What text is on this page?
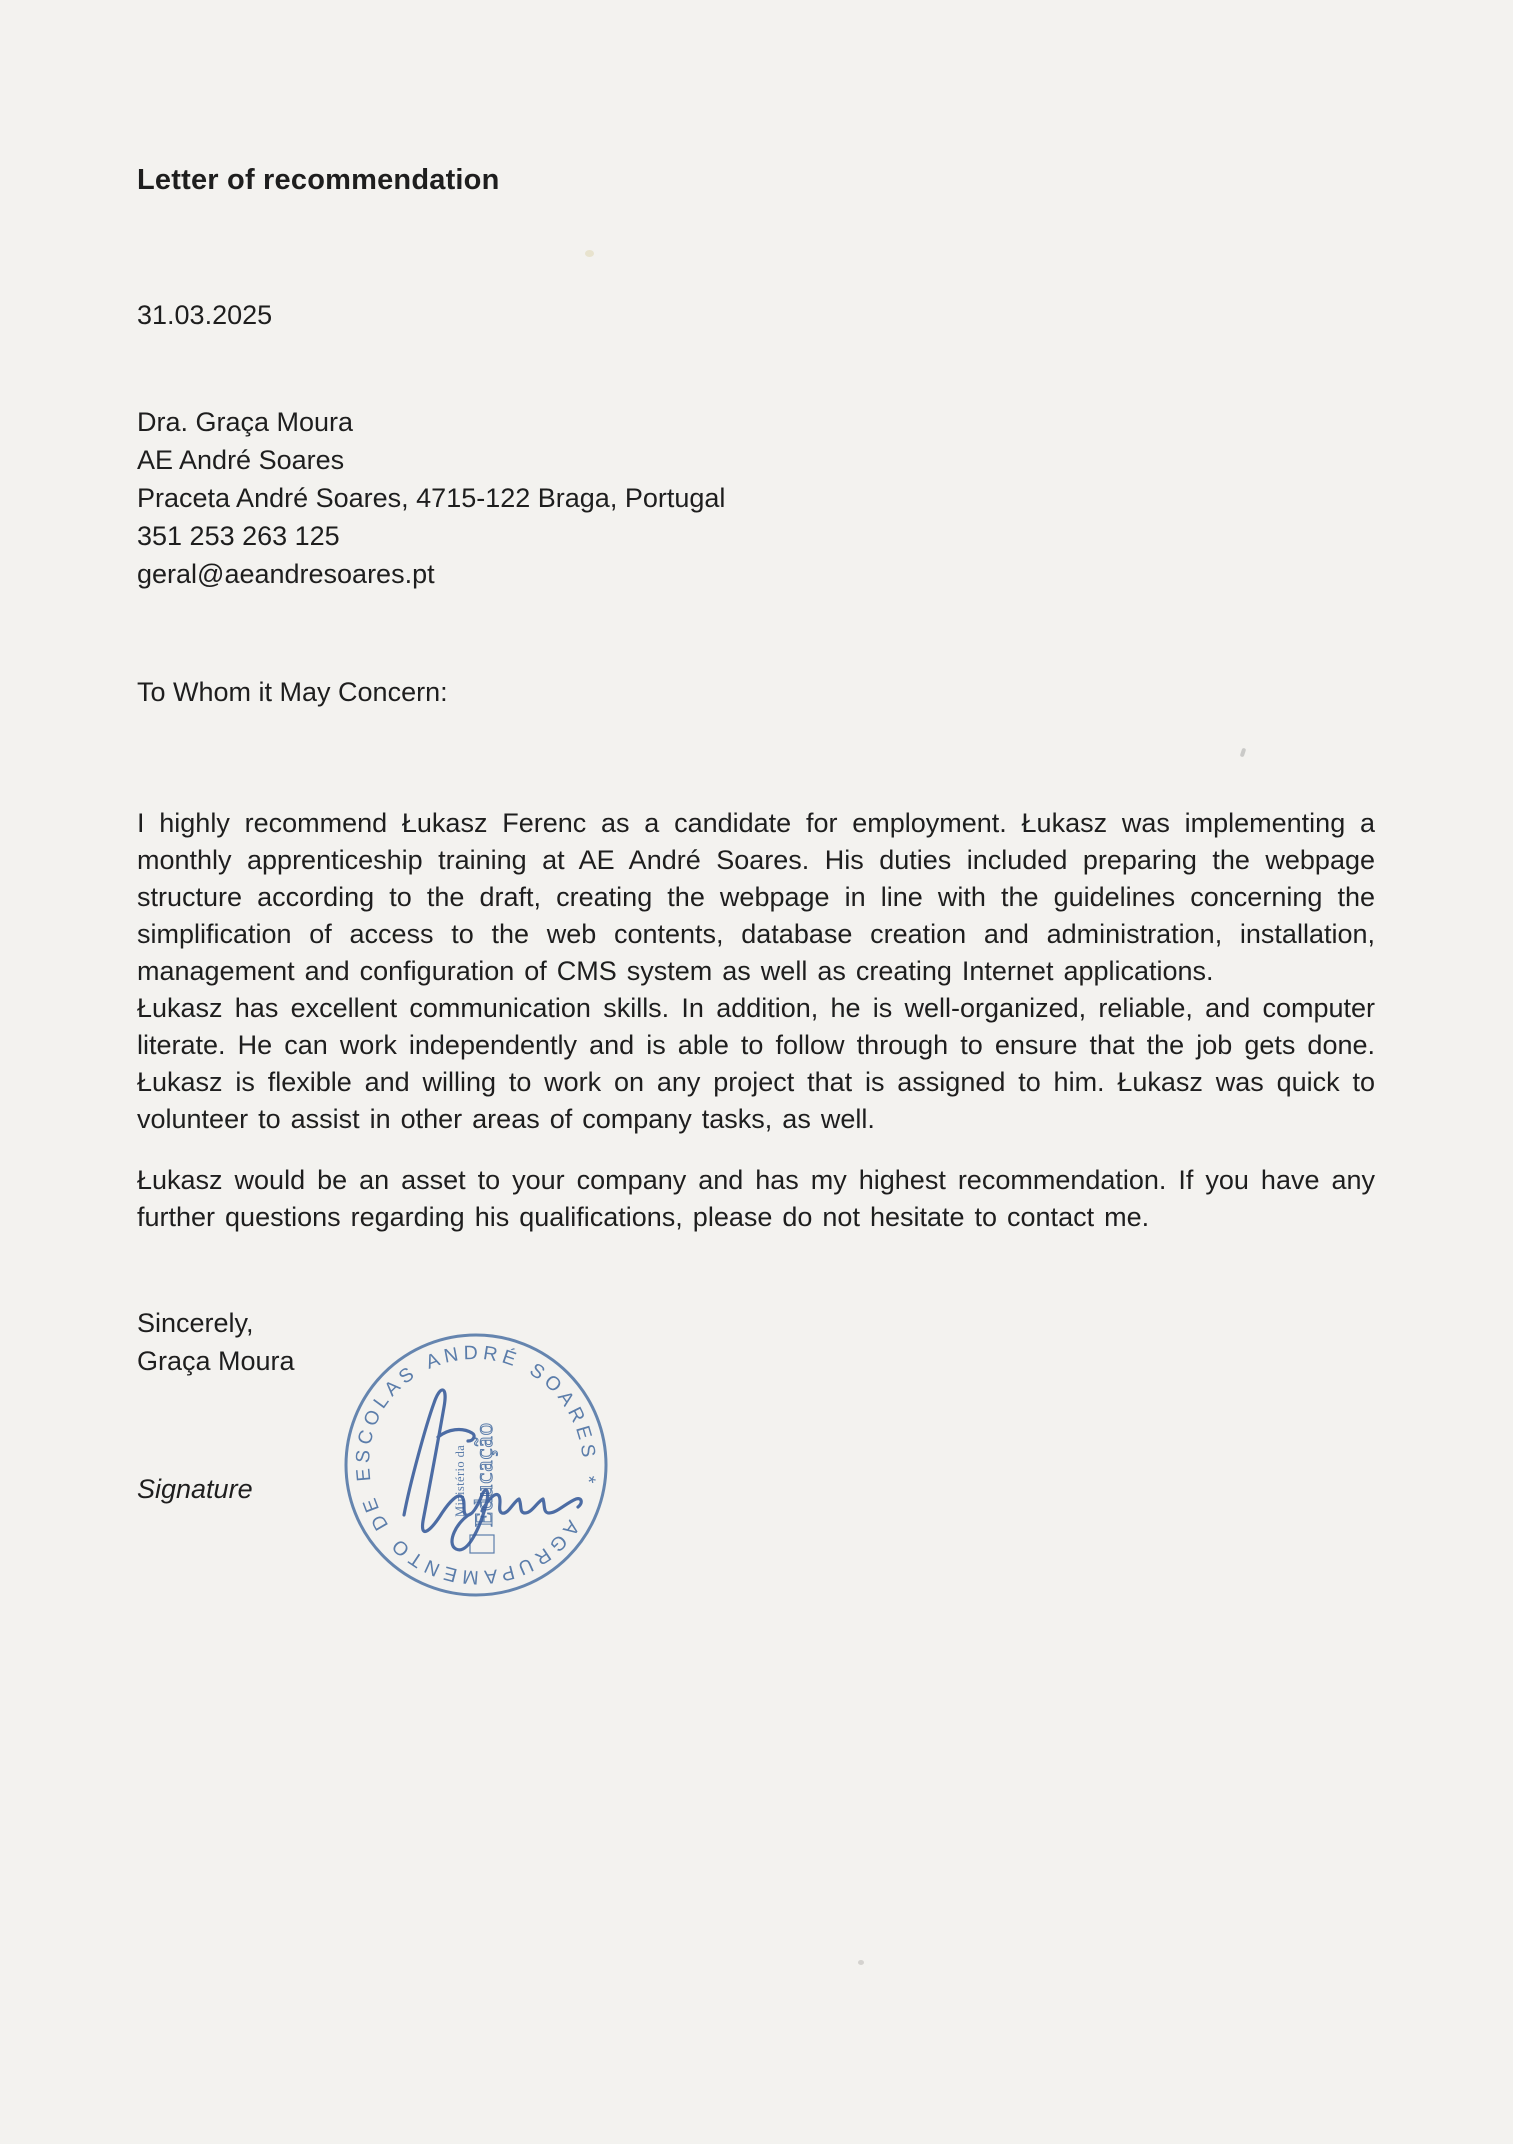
Letter of recommendation
31.03.2025
Dra. Graça Moura
AE André Soares
Praceta André Soares, 4715-122 Braga, Portugal
351 253 263 125
geral@aeandresoares.pt
To Whom it May Concern:

I highly recommend Łukasz Ferenc as a candidate for employment. Łukasz was implementing a monthly apprenticeship training at AE André Soares. His duties included preparing the webpage structure according to the draft, creating the webpage in line with the guidelines concerning the simplification of access to the web contents, database creation and administration, installation, management and configuration of CMS system as well as creating Internet applications.

Łukasz has excellent communication skills. In addition, he is well-organized, reliable, and computer literate. He can work independently and is able to follow through to ensure that the job gets done. Łukasz is flexible and willing to work on any project that is assigned to him. Łukasz was quick to volunteer to assist in other areas of company tasks, as well.

Łukasz would be an asset to your company and has my highest recommendation. If you have any further questions regarding his qualifications, please do not hesitate to contact me.

Sincerely,
Graça Moura
Signature
AGRUPAMENTO DE ESCOLAS ANDRÉ SOARES *
Ministério da Educação
